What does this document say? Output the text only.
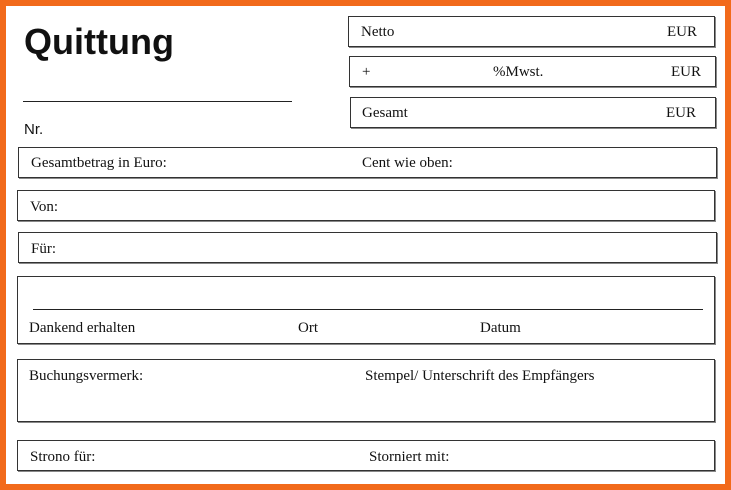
Quittung
Nr.
Netto	EUR
+	%Mwst.	EUR
Gesamt	EUR
Gesamtbetrag in Euro:	Cent wie oben:
Von:
Für:
Dankend erhalten	Ort	Datum
Buchungsvermerk:	Stempel/ Unterschrift des Empfängers
Strono für:	Storniert mit:
